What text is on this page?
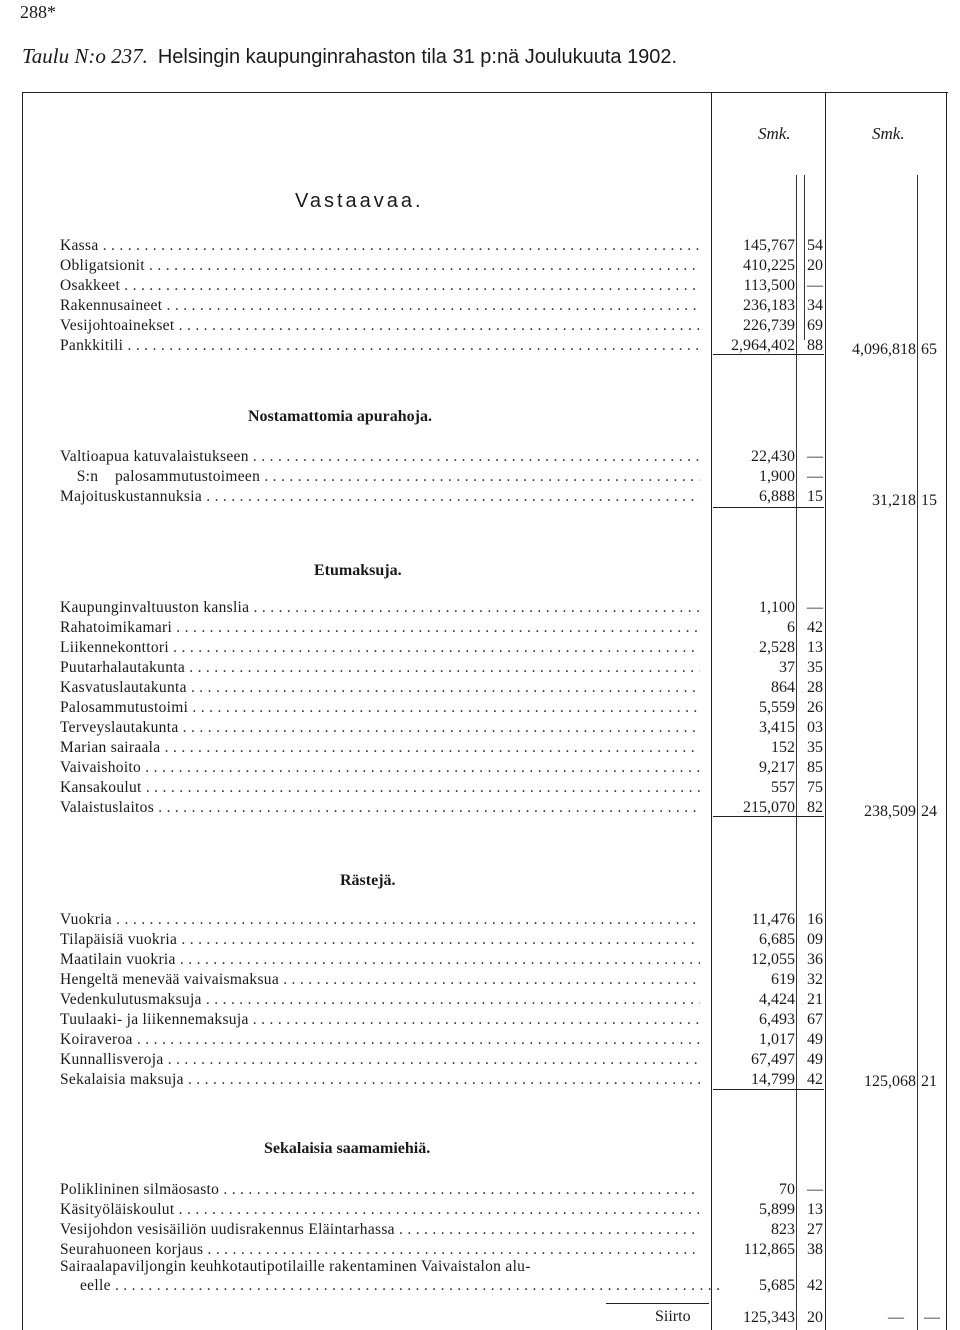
288*
Taulu N:o 237. Helsingin kaupunginrahaston tila 31 p:nä Joulukuuta 1902.
Smk.	Smk.
Vastaavaa.
Kassa . . .	145,767 54
Obligatsionit . . .	410,225 20
Osakkeet . . .	113,500 —
Rakennusaineet . . .	236,183 34
Vesijohtoainekset . . .	226,739 69
Pankkitili . . .	2,964,402 88	4,096,818 65
Nostamattomia apurahoja.
Valtioapua katuvalaistukseen . . .	22,430 —
S:n    palosammutustoimeen . . .	1,900 —
Majoituskustannuksia . . .	6,888 15	31,218 15
Etumaksuja.
Kaupunginvaltuuston kanslia . . .	1,100 —
Rahatoimikamari . . .	6 42
Liikennekonttori . . .	2,528 13
Puutarhalautakunta . . .	37 35
Kasvatuslautakunta . . .	864 28
Palosammutustoimi . . .	5,559 26
Terveyslautakunta . . .	3,415 03
Marian sairaala . . .	152 35
Vaivaishoito . . .	9,217 85
Kansakoulut . . .	557 75
Valaistuslaitos . . .	215,070 82	238,509 24
Rästejä.
Vuokria . . .	11,476 16
Tilapäisiä vuokria . . .	6,685 09
Maatilain vuokria . . .	12,055 36
Hengeltä menevää vaivaismaksua . . .	619 32
Vedenkulutusmaksuja . . .	4,424 21
Tuulaaki- ja liikennemaksuja . . .	6,493 67
Koiraveroa . . .	1,017 49
Kunnallisveroja . . .	67,497 49
Sekalaisia maksuja . . .	14,799 42	125,068 21
Sekalaisia saamamiehiä.
Poliklininen silmäosasto . . .	70 —
Käsityöläiskoulut . . .	5,899 13
Vesijohdon vesisäiliön uudisrakennus Eläintarhassa . . .	823 27
Seurahuoneen korjaus . . .	112,865 38
Sairaalapaviljongin keuhkotautipotilaille rakentaminen Vaivaistalon alu-
eelle . . .	5,685 42
Siirto	125,343 20	— —
